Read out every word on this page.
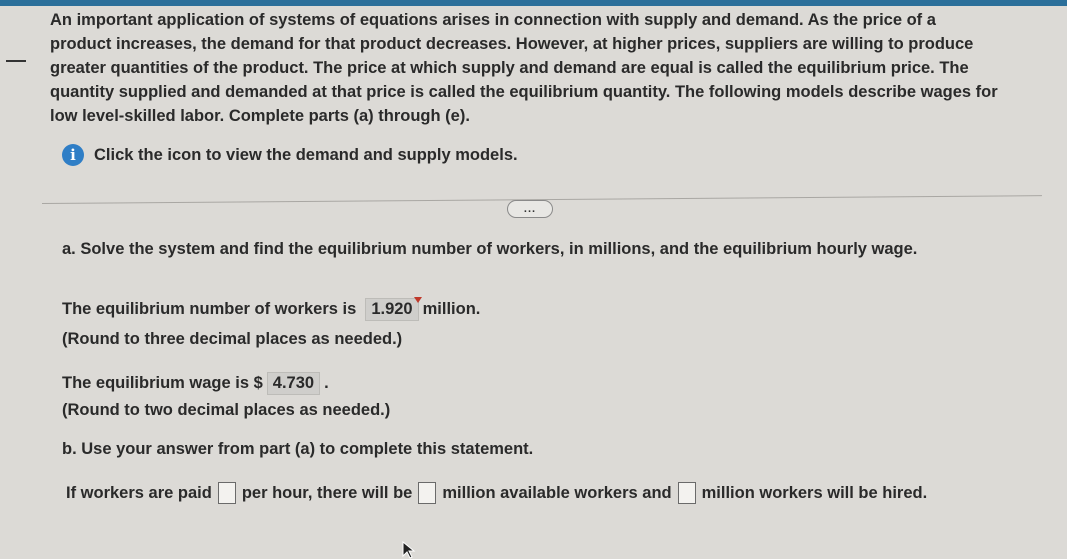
An important application of systems of equations arises in connection with supply and demand. As the price of a
product increases, the demand for that product decreases. However, at higher prices, suppliers are willing to produce
greater quantities of the product. The price at which supply and demand are equal is called the equilibrium price. The
quantity supplied and demanded at that price is called the equilibrium quantity. The following models describe wages for
low level-skilled labor. Complete parts (a) through (e).
i	Click the icon to view the demand and supply models.
...
a. Solve the system and find the equilibrium number of workers, in millions, and the equilibrium hourly wage.
The equilibrium number of workers is 1.920 million.
(Round to three decimal places as needed.)
The equilibrium wage is $ 4.730 .
(Round to two decimal places as needed.)
b. Use your answer from part (a) to complete this statement.
If workers are paid per hour, there will be million available workers and million workers will be hired.
